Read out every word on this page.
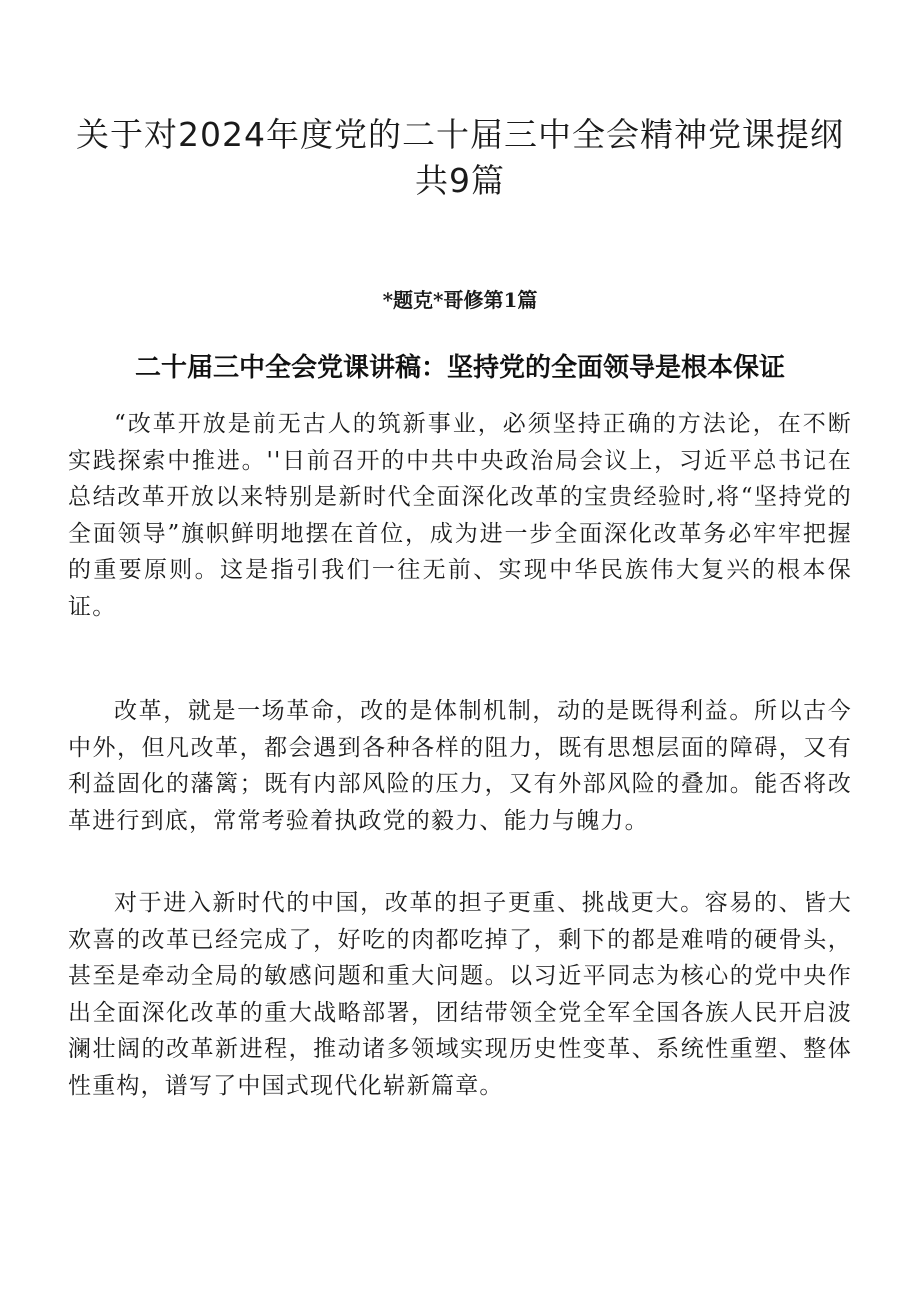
关于对2024年度党的二十届三中全会精神党课提纲共9篇
*题克*哥修第1篇
二十届三中全会党课讲稿：坚持党的全面领导是根本保证

“改革开放是前无古人的筑新事业，必须坚持正确的方法论，在不断实践探索中推进。''日前召开的中共中央政治局会议上，习近平总书记在总结改革开放以来特别是新时代全面深化改革的宝贵经验时,将“坚持党的全面领导”旗帜鲜明地摆在首位，成为进一步全面深化改革务必牢牢把握的重要原则。这是指引我们一往无前、实现中华民族伟大复兴的根本保证。

改革，就是一场革命，改的是体制机制，动的是既得利益。所以古今中外，但凡改革，都会遇到各种各样的阻力，既有思想层面的障碍，又有利益固化的藩篱；既有内部风险的压力，又有外部风险的叠加。能否将改革进行到底，常常考验着执政党的毅力、能力与魄力。

对于进入新时代的中国，改革的担子更重、挑战更大。容易的、皆大欢喜的改革已经完成了，好吃的肉都吃掉了，剩下的都是难啃的硬骨头，甚至是牵动全局的敏感问题和重大问题。以习近平同志为核心的党中央作出全面深化改革的重大战略部署，团结带领全党全军全国各族人民开启波澜壮阔的改革新进程，推动诸多领域实现历史性变革、系统性重塑、整体性重构，谱写了中国式现代化崭新篇章。
